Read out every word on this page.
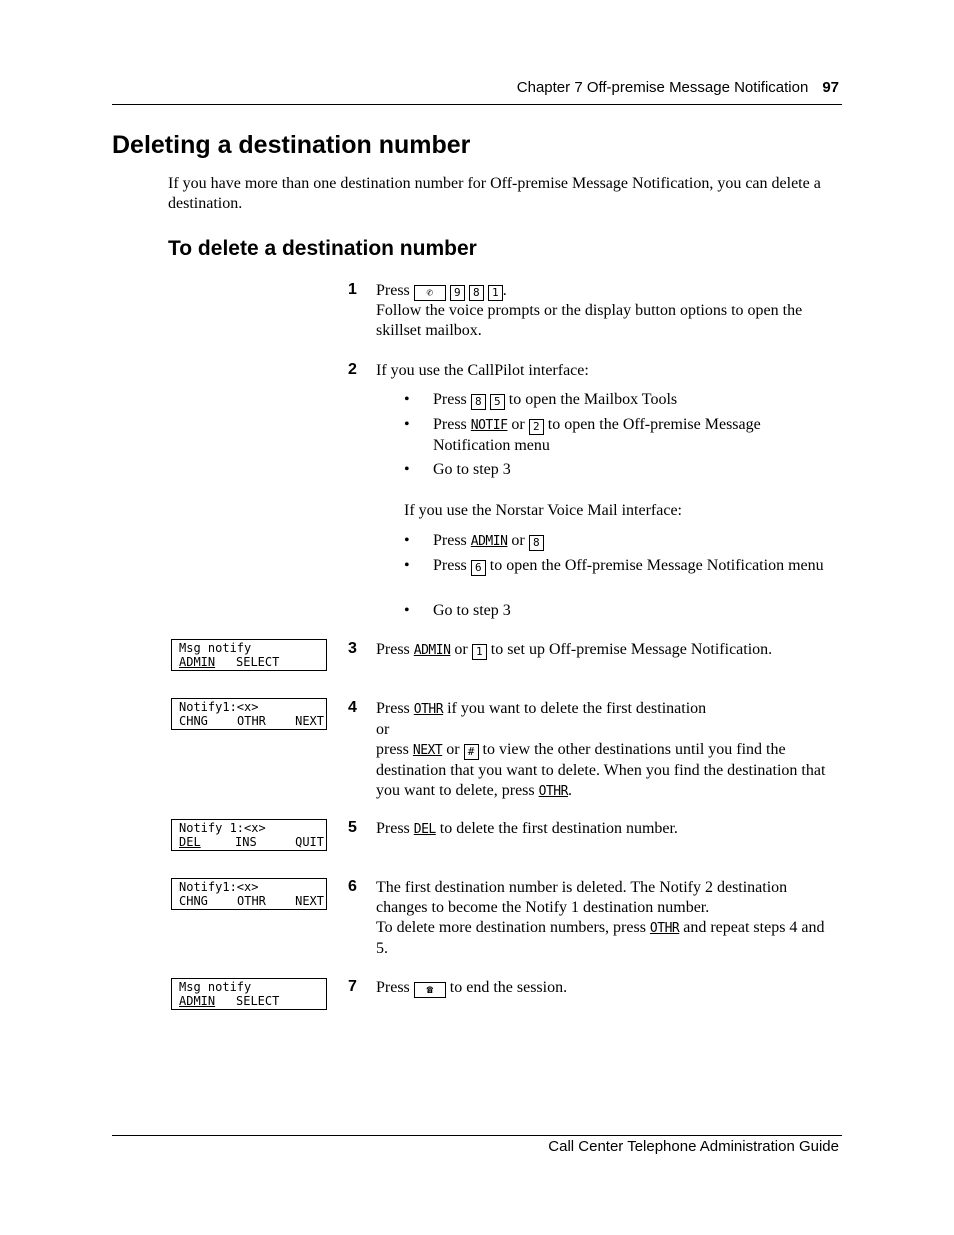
Chapter 7 Off-premise Message Notification 97
Deleting a destination number

If you have more than one destination number for Off-premise Message Notification, you can delete a destination.

To delete a destination number
1 Press ✆ 9 8 1 .
Follow the voice prompts or the display button options to open the skillset mailbox.
2 If you use the CallPilot interface:
• Press 8 5 to open the Mailbox Tools
• Press NOTIF or 2 to open the Off-premise Message Notification menu
• Go to step 3
If you use the Norstar Voice Mail interface:
• Press ADMIN or 8
• Press 6 to open the Off-premise Message Notification menu
• Go to step 3
Msg notify
ADMIN SELECT
3 Press ADMIN or 1 to set up Off-premise Message Notification.
Notify1:<x>
CHNG OTHR NEXT
4 Press OTHR if you want to delete the first destination
or
press NEXT or # to view the other destinations until you find the destination that you want to delete. When you find the destination that you want to delete, press OTHR.
Notify 1:<x>
DEL	INS	QUIT
5 Press DEL to delete the first destination number.
Notify1:<x>
CHNG OTHR NEXT
6 The first destination number is deleted. The Notify 2 destination changes to become the Notify 1 destination number.
To delete more destination numbers, press OTHR and repeat steps 4 and 5.
Msg notify
ADMIN SELECT
7 Press ☎ to end the session.
Call Center Telephone Administration Guide
